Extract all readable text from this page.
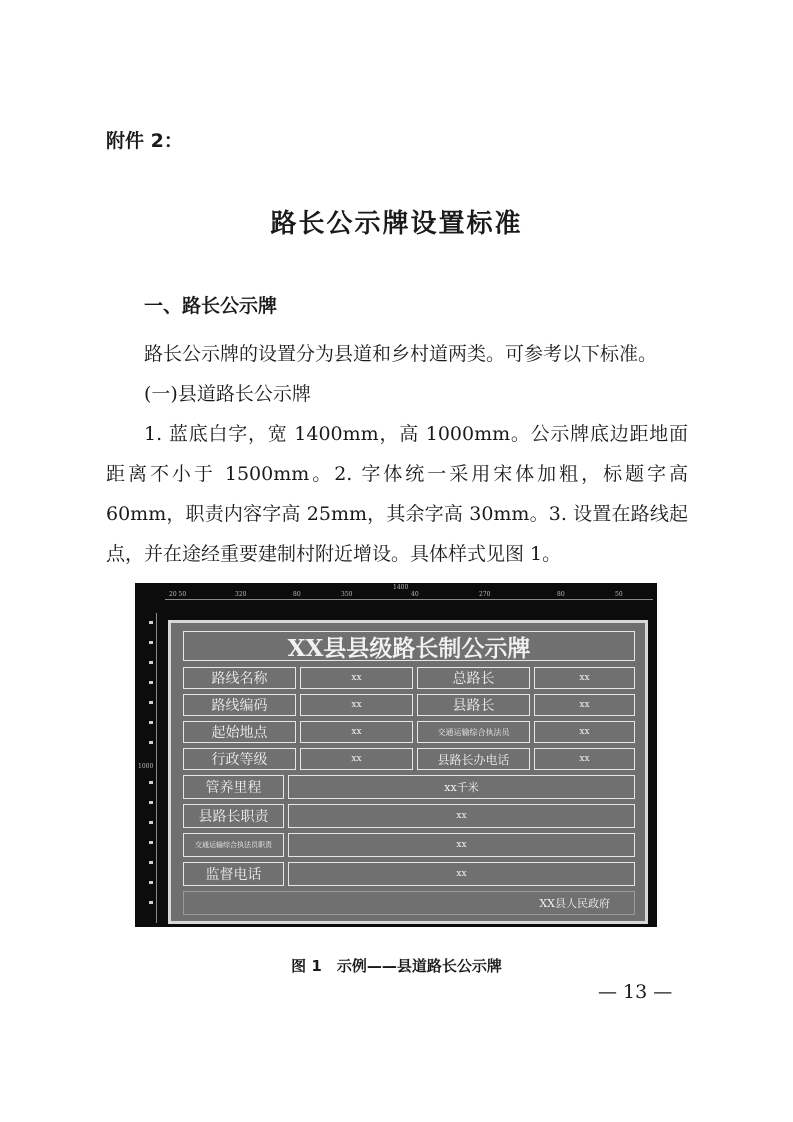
附件 2：
路长公示牌设置标准
一、路长公示牌
路长公示牌的设置分为县道和乡村道两类。可参考以下标准。
(一)县道路长公示牌
1. 蓝底白字，宽 1400mm，高 1000mm。公示牌底边距地面距离不小于 1500mm。2. 字体统一采用宋体加粗，标题字高 60mm，职责内容字高 25mm，其余字高 30mm。3. 设置在路线起点，并在途经重要建制村附近增设。具体样式见图 1。
1400
20 50	320	80	350	40	270	80	50
1000
XX县县级路长制公示牌
路线名称	xx	总路长	xx
路线编码	xx	县路长	xx
起始地点	xx	交通运输综合执法员	xx
行政等级	xx	县路长办电话	xx
管养里程	xx千米
县路长职责	xx
交通运输综合执法员职责	xx
监督电话	xx
XX县人民政府
图 1　示例——县道路长公示牌
— 13 —
